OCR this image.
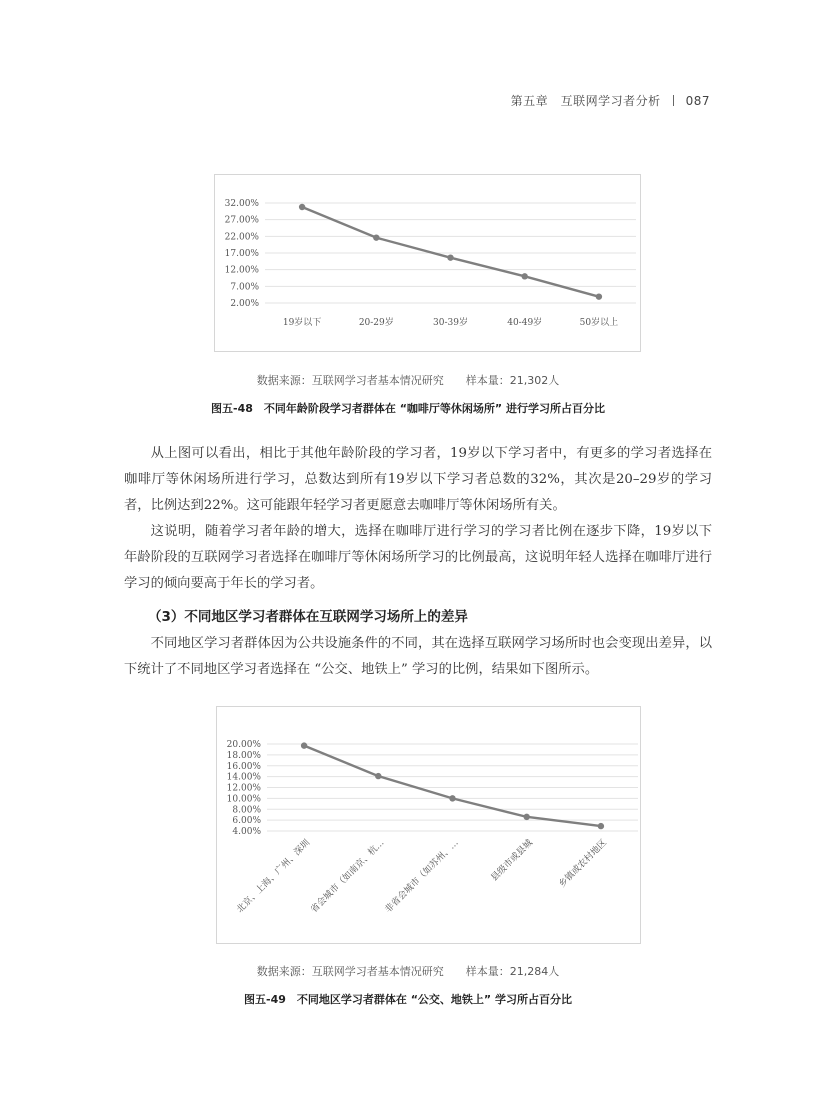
第五章　互联网学习者分析 087
2.00%
7.00%
12.00%
17.00%
22.00%
27.00%
32.00%
19岁以下	20-29岁	30-39岁	40-49岁	50岁以上
数据来源：互联网学习者基本情况研究 样本量：21,302人
图五-48　不同年龄阶段学习者群体在 “咖啡厅等休闲场所” 进行学习所占百分比

从上图可以看出，相比于其他年龄阶段的学习者，19岁以下学习者中，有更多的学习者选择在咖啡厅等休闲场所进行学习，总数达到所有19岁以下学习者总数的32%，其次是20–29岁的学习者，比例达到22%。这可能跟年轻学习者更愿意去咖啡厅等休闲场所有关。

这说明，随着学习者年龄的增大，选择在咖啡厅进行学习的学习者比例在逐步下降，19岁以下年龄阶段的互联网学习者选择在咖啡厅等休闲场所学习的比例最高，这说明年轻人选择在咖啡厅进行学习的倾向要高于年长的学习者。

（3）不同地区学习者群体在互联网学习场所上的差异

不同地区学习者群体因为公共设施条件的不同，其在选择互联网学习场所时也会变现出差异，以下统计了不同地区学习者选择在 “公交、地铁上” 学习的比例，结果如下图所示。

4.00%
6.00%
8.00%
10.00%
12.00%
14.00%
16.00%
18.00%
20.00%
北京、上海、广州、深圳
省会城市（如南京、杭…
非省会城市（如苏州、…	县级市或县城	乡镇或农村地区
数据来源：互联网学习者基本情况研究 样本量：21,284人
图五-49　不同地区学习者群体在 “公交、地铁上” 学习所占百分比
